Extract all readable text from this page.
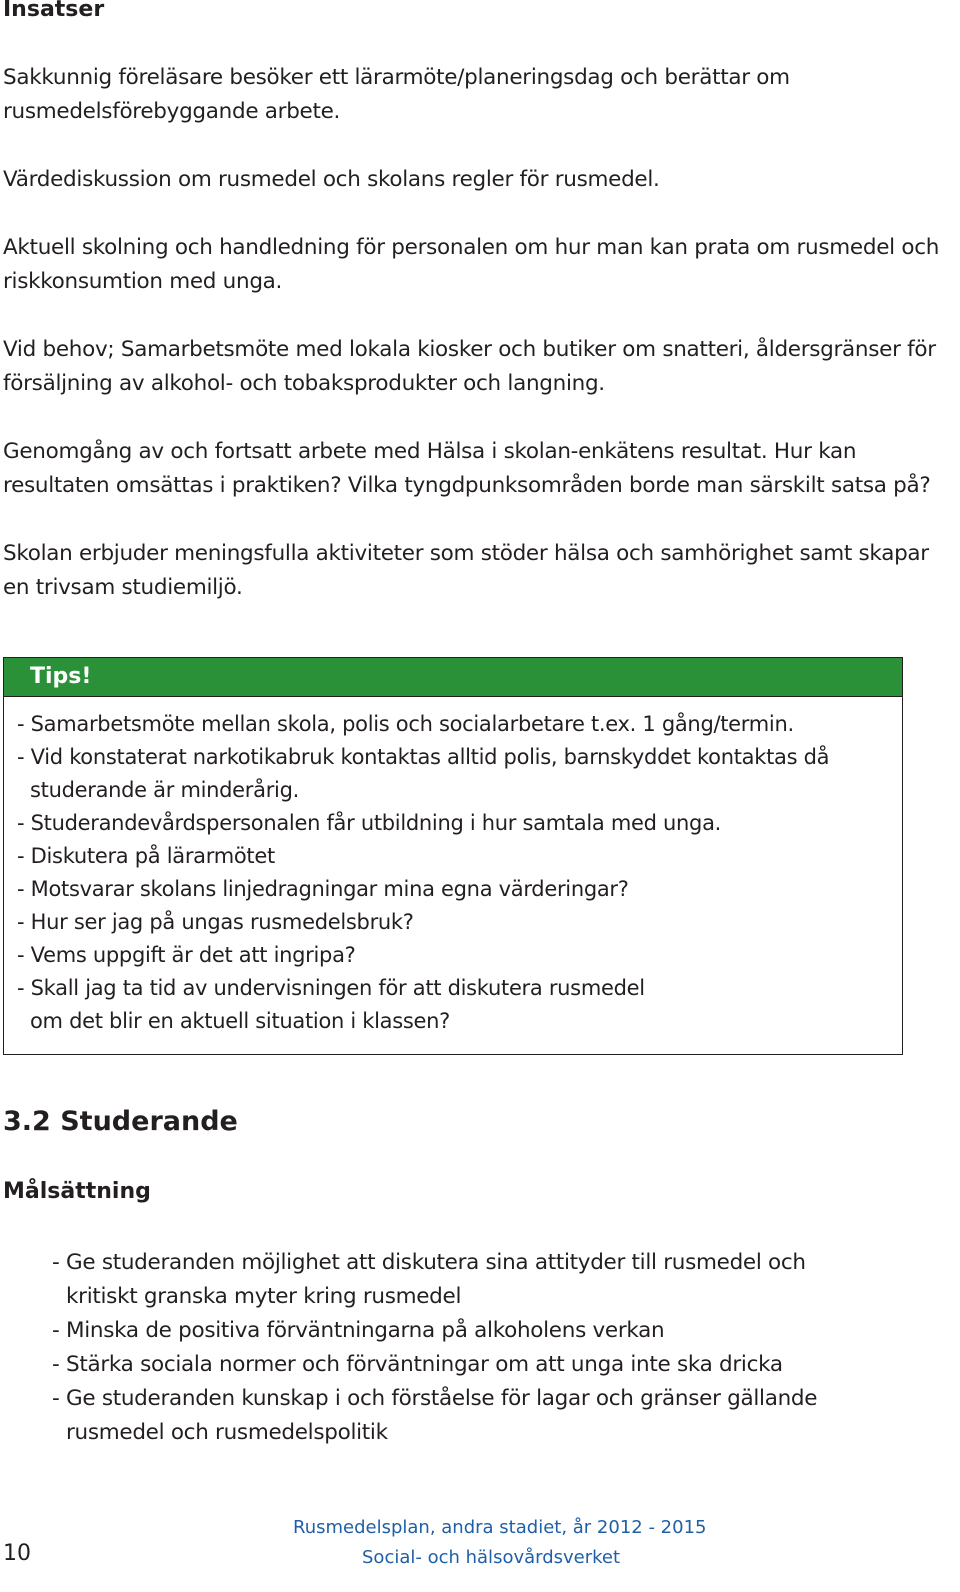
Insatser

Sakkunnig föreläsare besöker ett lärarmöte/planeringsdag och berättar om rusmedelsförebyggande arbete.

Värdediskussion om rusmedel och skolans regler för rusmedel.

Aktuell skolning och handledning för personalen om hur man kan prata om rusmedel och riskkonsumtion med unga.

Vid behov; Samarbetsmöte med lokala kiosker och butiker om snatteri, åldersgränser för försäljning av alkohol- och tobaksprodukter och langning.

Genomgång av och fortsatt arbete med Hälsa i skolan-enkätens resultat. Hur kan resultaten omsättas i praktiken? Vilka tyngdpunksområden borde man särskilt satsa på?

Skolan erbjuder meningsfulla aktiviteter som stöder hälsa och samhörighet samt skapar en trivsam studiemiljö.

Tips!
- Samarbetsmöte mellan skola, polis och socialarbetare t.ex. 1 gång/termin.
- Vid konstaterat narkotikabruk kontaktas alltid polis, barnskyddet kontaktas då studerande är minderårig.
- Studerandevårdspersonalen får utbildning i hur samtala med unga.
- Diskutera på lärarmötet
- Motsvarar skolans linjedragningar mina egna värderingar?
- Hur ser jag på ungas rusmedelsbruk?
- Vems uppgift är det att ingripa?
- Skall jag ta tid av undervisningen för att diskutera rusmedel om det blir en aktuell situation i klassen?
3.2 Studerande
Målsättning
- Ge studeranden möjlighet att diskutera sina attityder till rusmedel och kritiskt granska myter kring rusmedel
- Minska de positiva förväntningarna på alkoholens verkan
- Stärka sociala normer och förväntningar om att unga inte ska dricka
- Ge studeranden kunskap i och förståelse för lagar och gränser gällande rusmedel och rusmedelspolitik
10
Rusmedelsplan, andra stadiet, år 2012 - 2015
Social- och hälsovårdsverket
